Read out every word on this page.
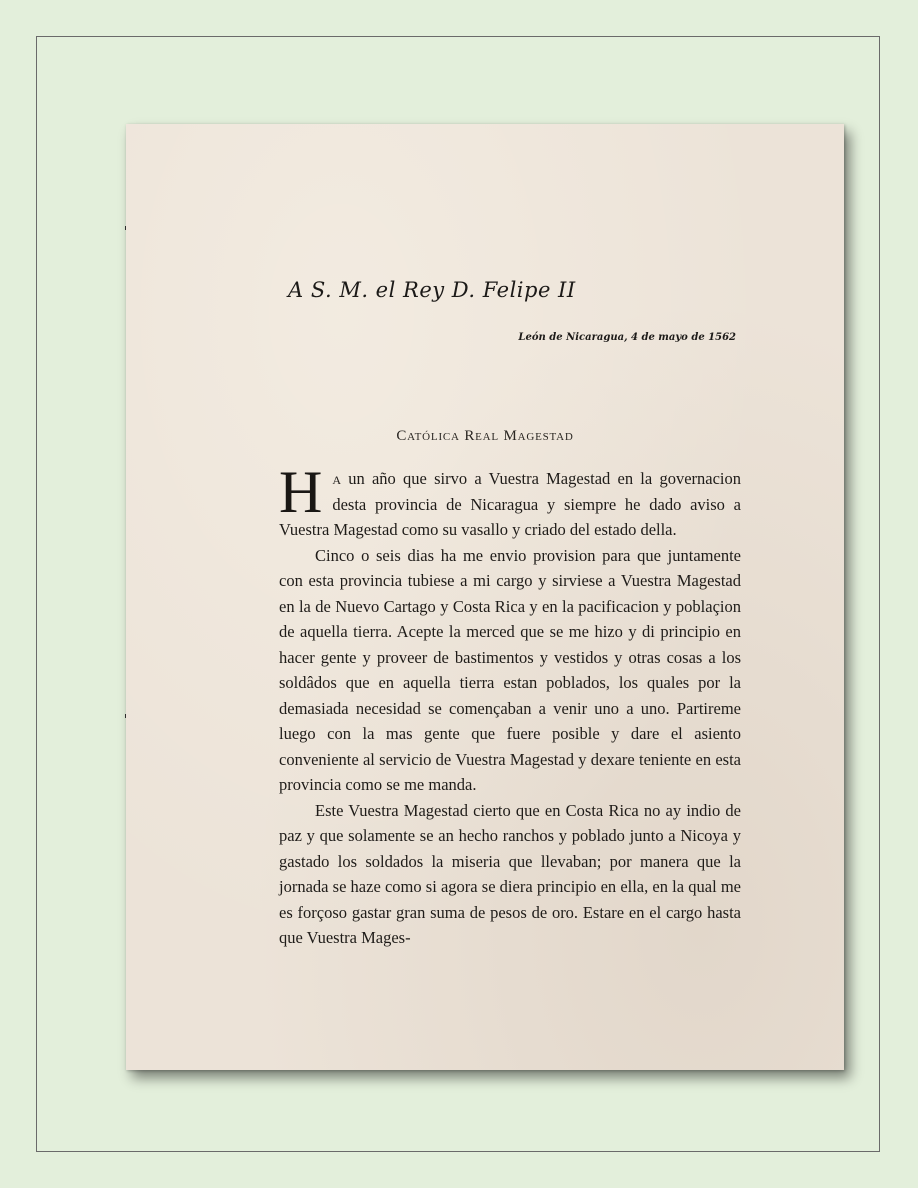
A S. M. el Rey D. Felipe II

León de Nicaragua, 4 de mayo de 1562

Católica Real Magestad

Ha un año que sirvo a Vuestra Magestad en la governacion desta provincia de Nicaragua y siempre he dado aviso a Vuestra Magestad como su vasallo y criado del estado della.

Cinco o seis dias ha me envio provision para que juntamente con esta provincia tubiese a mi cargo y sirviese a Vuestra Magestad en la de Nuevo Cartago y Costa Rica y en la pacificacion y poblaçion de aquella tierra. Acepte la merced que se me hizo y di principio en hacer gente y proveer de bastimentos y vestidos y otras cosas a los soldâdos que en aquella tierra estan poblados, los quales por la demasiada necesidad se començaban a venir uno a uno. Partireme luego con la mas gente que fuere posible y dare el asiento conveniente al servicio de Vuestra Magestad y dexare teniente en esta provincia como se me manda.

Este Vuestra Magestad cierto que en Costa Rica no ay indio de paz y que solamente se an hecho ranchos y poblado junto a Nicoya y gastado los soldados la miseria que llevaban; por manera que la jornada se haze como si agora se diera principio en ella, en la qual me es forçoso gastar gran suma de pesos de oro. Estare en el cargo hasta que Vuestra Mages-
